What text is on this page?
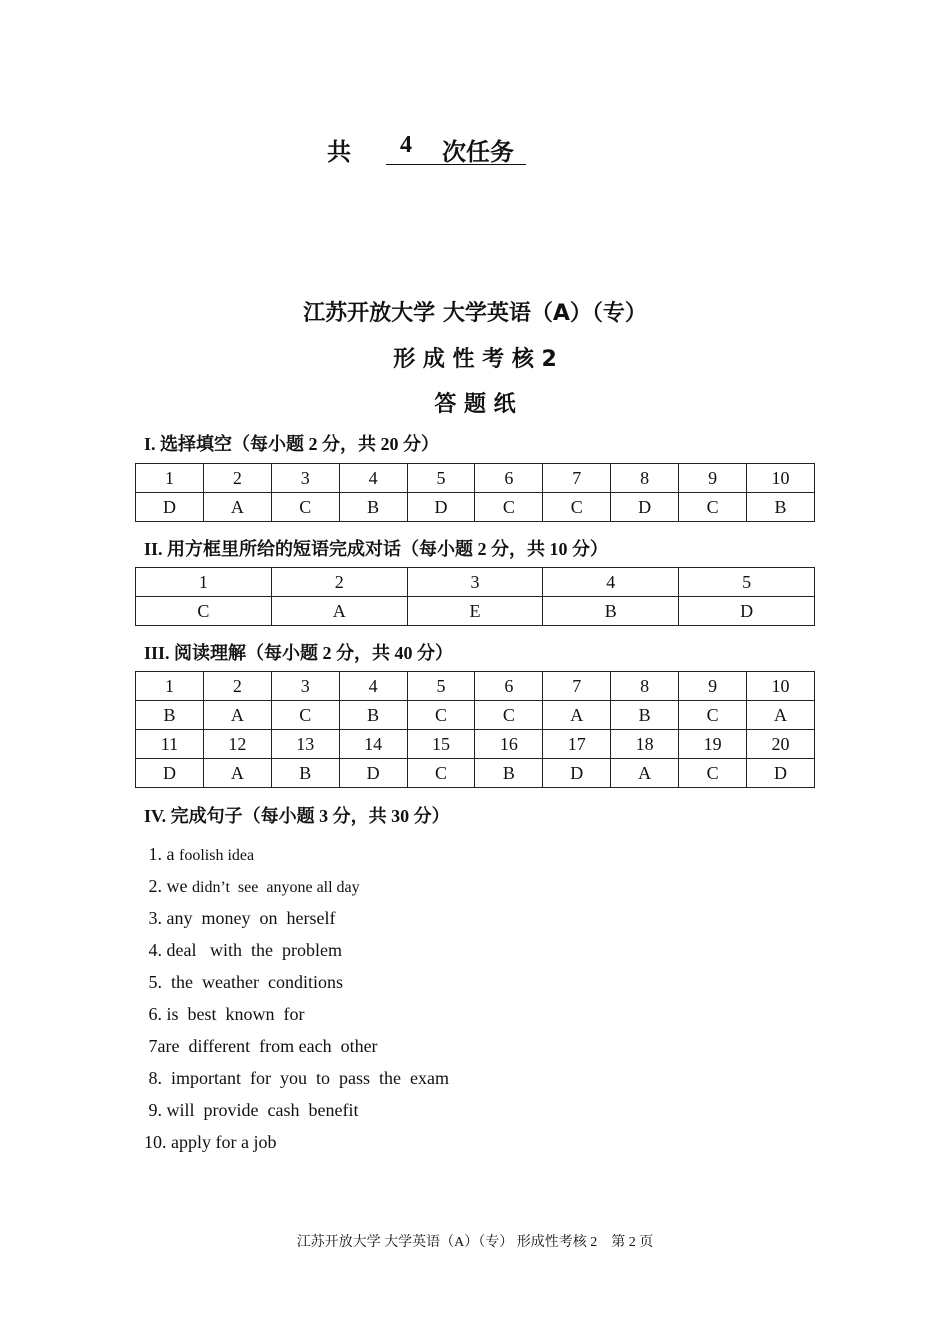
共 4 次任务
江苏开放大学 大学英语（A）（专）
形 成 性 考 核 2
答 题 纸
I. 选择填空（每小题 2 分，共 20 分）
1	2	3	4	5	6	7	8	9	10
D	A	C	B	D	C	C	D	C	B
II. 用方框里所给的短语完成对话（每小题 2 分，共 10 分）
1	2	3	4	5
C	A	E	B	D
III. 阅读理解（每小题 2 分，共 40 分）
1	2	3	4	5	6	7	8	9	10
B	A	C	B	C	C	A	B	C	A
11	12	13	14	15	16	17	18	19	20
D	A	B	D	C	B	D	A	C	D
IV. 完成句子（每小题 3 分，共 30 分）
1. a foolish idea
2. we didn’t  see  anyone all day
3. any  money  on  herself
4. deal   with  the  problem
5.  the  weather  conditions
6. is  best  known  for
7are  different  from each  other
8.  important  for  you  to  pass  the  exam
9. will  provide  cash  benefit
10. apply for a job
江苏开放大学 大学英语（A）（专） 形成性考核 2　第 2 页
